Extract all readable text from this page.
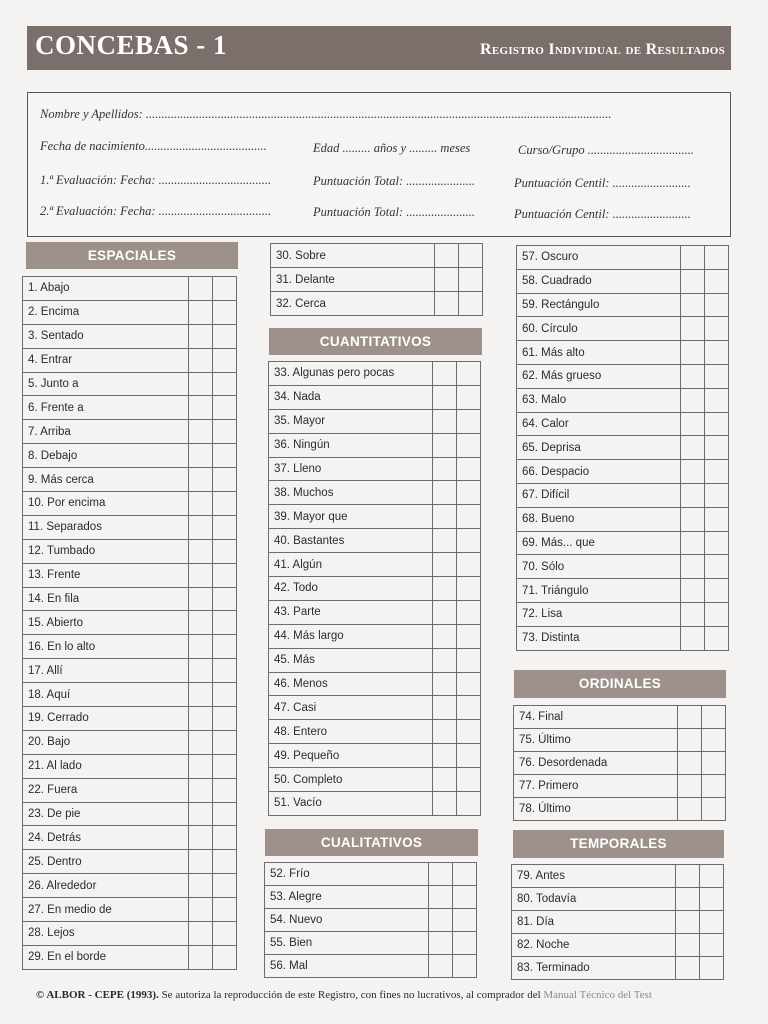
CONCEBAS - 1	Registro Individual de Resultados
Nombre y Apellidos: .....................................................................................................................................................
Fecha de nacimiento.......................................	Edad ......... años y ......... meses	Curso/Grupo ..................................
1.ª Evaluación: Fecha: ....................................	Puntuación Total: ......................	Puntuación Centil: .........................
2.ª Evaluación: Fecha: ....................................	Puntuación Total: ......................	Puntuación Centil: .........................
ESPACIALES
1. Abajo		
2. Encima		
3. Sentado		
4. Entrar		
5. Junto a		
6. Frente a		
7. Arriba		
8. Debajo		
9. Más cerca		
10. Por encima		
11. Separados		
12. Tumbado		
13. Frente		
14. En fila		
15. Abierto		
16. En lo alto		
17. Allí		
18. Aquí		
19. Cerrado		
20. Bajo		
21. Al lado		
22. Fuera		
23. De pie		
24. Detrás		
25. Dentro		
26. Alrededor		
27. En medio de		
28. Lejos		
29. En el borde		
30. Sobre		
31. Delante		
32. Cerca		
CUANTITATIVOS
33. Algunas pero pocas		
34. Nada		
35. Mayor		
36. Ningún		
37. Lleno		
38. Muchos		
39. Mayor que		
40. Bastantes		
41. Algún		
42. Todo		
43. Parte		
44. Más largo		
45. Más		
46. Menos		
47. Casi		
48. Entero		
49. Pequeño		
50. Completo		
51. Vacío		
CUALITATIVOS
52. Frío		
53. Alegre		
54. Nuevo		
55. Bien		
56. Mal		
57. Oscuro		
58. Cuadrado		
59. Rectángulo		
60. Círculo		
61. Más alto		
62. Más grueso		
63. Malo		
64. Calor		
65. Deprisa		
66. Despacio		
67. Difícil		
68. Bueno		
69. Más... que		
70. Sólo		
71. Triángulo		
72. Lisa		
73. Distinta		
ORDINALES
74. Final		
75. Último		
76. Desordenada		
77. Primero		
78. Último		
TEMPORALES
79. Antes		
80. Todavía		
81. Día		
82. Noche		
83. Terminado		
© ALBOR - CEPE (1993). Se autoriza la reproducción de este Registro, con fines no lucrativos, al comprador del Manual Técnico del Test
